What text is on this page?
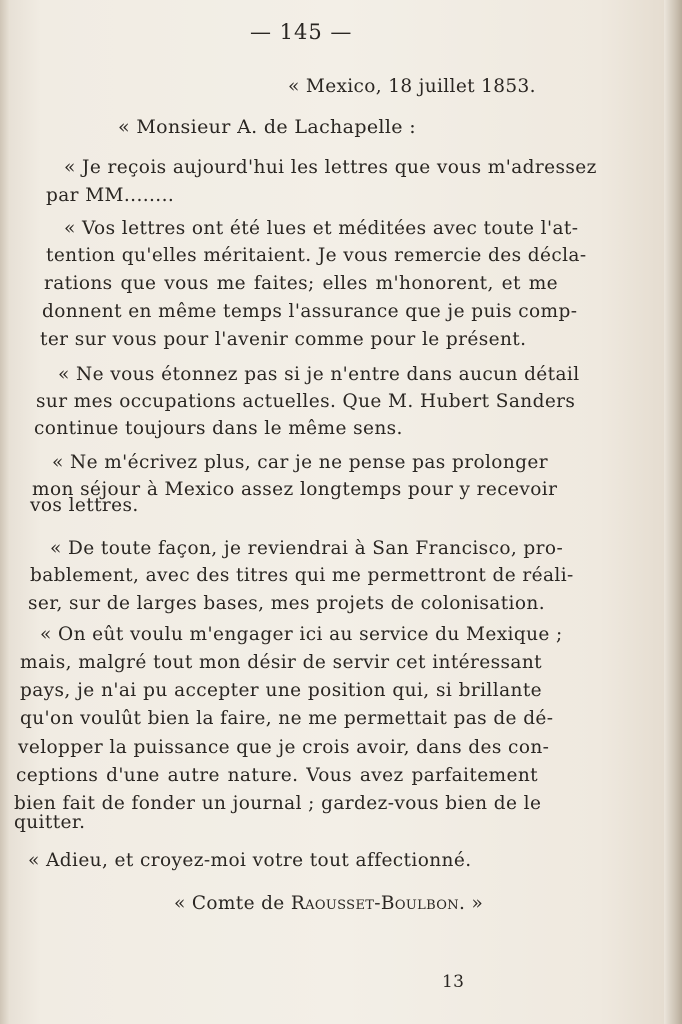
— 145 —
« Mexico, 18 juillet 1853.
« Monsieur A. de Lachapelle :
« Je reçois aujourd'hui les lettres que vous m'adressez
par MM........
« Vos lettres ont été lues et méditées avec toute l'at-
tention qu'elles méritaient. Je vous remercie des décla-
rations que vous me faites; elles m'honorent, et me
donnent en même temps l'assurance que je puis comp-
ter sur vous pour l'avenir comme pour le présent.
« Ne vous étonnez pas si je n'entre dans aucun détail
sur mes occupations actuelles. Que M. Hubert Sanders
continue toujours dans le même sens.
« Ne m'écrivez plus, car je ne pense pas prolonger
mon séjour à Mexico assez longtemps pour y recevoir
vos lettres.
« De toute façon, je reviendrai à San Francisco, pro-
bablement, avec des titres qui me permettront de réali-
ser, sur de larges bases, mes projets de colonisation.
« On eût voulu m'engager ici au service du Mexique ;
mais, malgré tout mon désir de servir cet intéressant
pays, je n'ai pu accepter une position qui, si brillante
qu'on voulût bien la faire, ne me permettait pas de dé-
velopper la puissance que je crois avoir, dans des con-
ceptions d'une autre nature. Vous avez parfaitement
bien fait de fonder un journal ; gardez-vous bien de le
quitter.
« Adieu, et croyez-moi votre tout affectionné.
« Comte de Raousset-Boulbon. »
13
